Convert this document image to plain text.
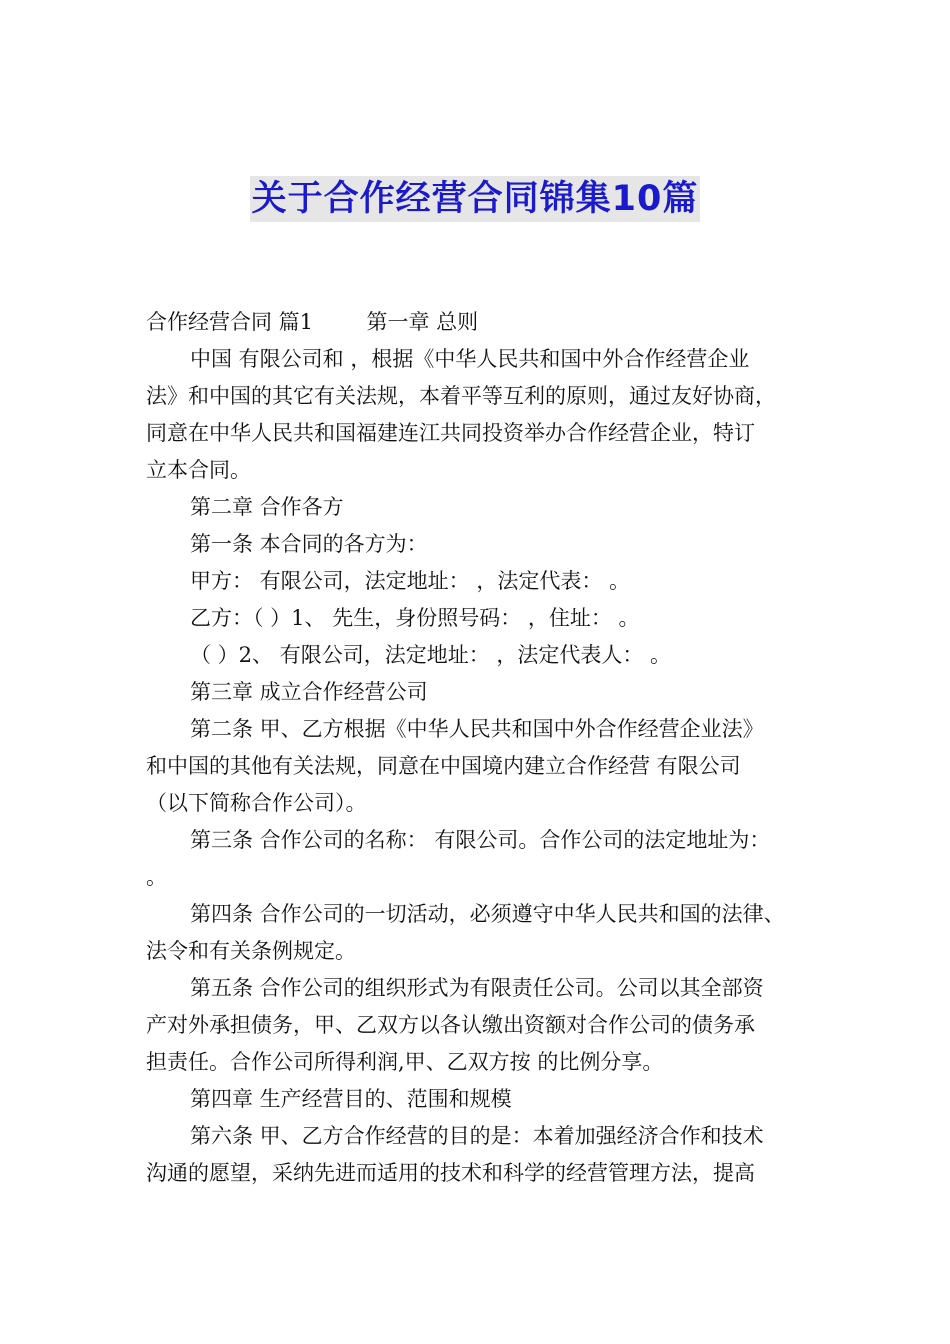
关于合作经营合同锦集10篇

合作经营合同 篇1        第一章 总则

中国 有限公司和 ，根据《中华人民共和国中外合作经营企业

法》和中国的其它有关法规，本着平等互利的原则，通过友好协商，

同意在中华人民共和国福建连江共同投资举办合作经营企业，特订

立本合同。

第二章 合作各方

第一条 本合同的各方为：

甲方： 有限公司，法定地址： ，法定代表： 。

乙方：（ ）1、 先生，身份照号码： ，住址： 。

（ ）2、 有限公司，法定地址： ，法定代表人： 。

第三章 成立合作经营公司

第二条 甲、乙方根据《中华人民共和国中外合作经营企业法》

和中国的其他有关法规，同意在中国境内建立合作经营 有限公司

（以下简称合作公司）。

第三条 合作公司的名称： 有限公司。合作公司的法定地址为：

。

第四条 合作公司的一切活动，必须遵守中华人民共和国的法律、

法令和有关条例规定。

第五条 合作公司的组织形式为有限责任公司。公司以其全部资

产对外承担债务，甲、乙双方以各认缴出资额对合作公司的债务承

担责任。合作公司所得利润,甲、乙双方按 的比例分享。

第四章 生产经营目的、范围和规模

第六条 甲、乙方合作经营的目的是：本着加强经济合作和技术

沟通的愿望，采纳先进而适用的技术和科学的经营管理方法，提高
